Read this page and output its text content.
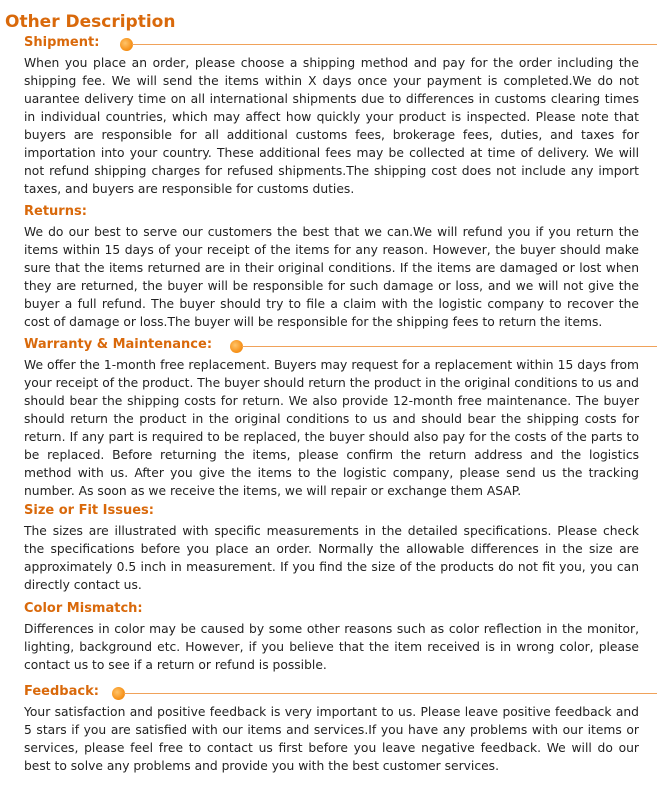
Other Description
Shipment:

When you place an order, please choose a shipping method and pay for the order including the shipping fee. We will send the items within X days once your payment is completed.We do not uarantee delivery time on all international shipments due to differences in customs clearing times in individual countries, which may affect how quickly your product is inspected. Please note that buyers are responsible for all additional customs fees, brokerage fees, duties, and taxes for importation into your country. These additional fees may be collected at time of delivery. We will not refund shipping charges for refused shipments.The shipping cost does not include any import taxes, and buyers are responsible for customs duties.

Returns:

We do our best to serve our customers the best that we can.We will refund you if you return the items within 15 days of your receipt of the items for any reason. However, the buyer should make sure that the items returned are in their original conditions. If the items are damaged or lost when they are returned, the buyer will be responsible for such damage or loss, and we will not give the buyer a full refund. The buyer should try to file a claim with the logistic company to recover the cost of damage or loss.The buyer will be responsible for the shipping fees to return the items.

Warranty & Maintenance:

We offer the 1-month free replacement. Buyers may request for a replacement within 15 days from your receipt of the product. The buyer should return the product in the original conditions to us and should bear the shipping costs for return. We also provide 12-month free maintenance. The buyer should return the product in the original conditions to us and should bear the shipping costs for return. If any part is required to be replaced, the buyer should also pay for the costs of the parts to be replaced. Before returning the items, please confirm the return address and the logistics method with us. After you give the items to the logistic company, please send us the tracking number. As soon as we receive the items, we will repair or exchange them ASAP.

Size or Fit Issues:

The sizes are illustrated with specific measurements in the detailed specifications. Please check the specifications before you place an order. Normally the allowable differences in the size are approximately 0.5 inch in measurement. If you find the size of the products do not fit you, you can directly contact us.

Color Mismatch:

Differences in color may be caused by some other reasons such as color reflection in the monitor, lighting, background etc. However, if you believe that the item received is in wrong color, please contact us to see if a return or refund is possible.

Feedback:

Your satisfaction and positive feedback is very important to us. Please leave positive feedback and 5 stars if you are satisfied with our items and services.If you have any problems with our items or services, please feel free to contact us first before you leave negative feedback. We will do our best to solve any problems and provide you with the best customer services.
